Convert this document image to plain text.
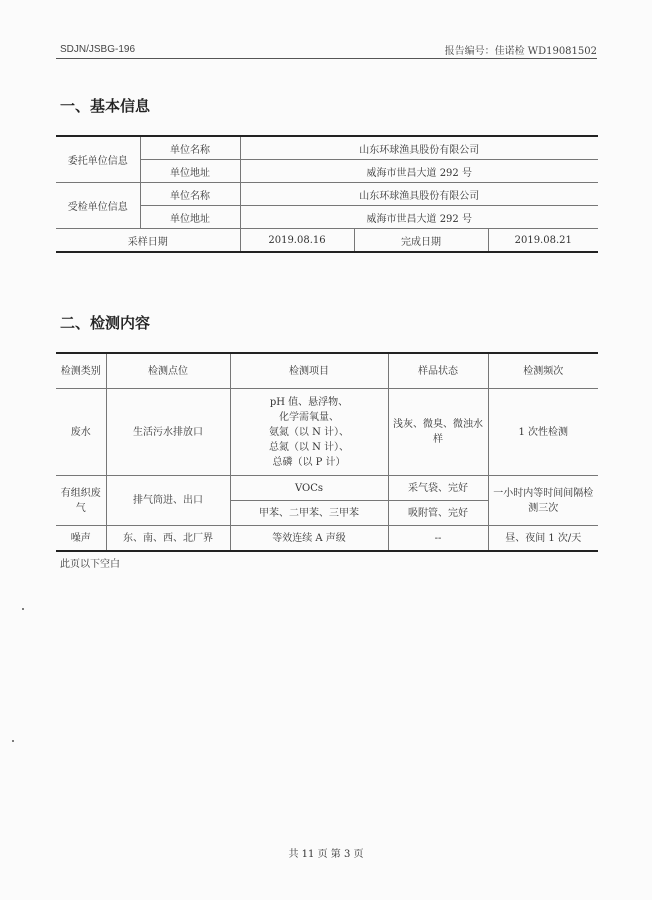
SDJN/JSBG-196	报告编号：佳诺检 WD19081502
一、基本信息
委托单位信息	单位名称	山东环球渔具股份有限公司		
	单位地址	威海市世昌大道 292 号		
受检单位信息	单位名称	山东环球渔具股份有限公司		
	单位地址	威海市世昌大道 292 号		
采样日期		2019.08.16	完成日期	2019.08.21
二、检测内容
检测类别	检测点位	检测项目	样品状态	检测频次
废水	生活污水排放口	pH 值、悬浮物、
化学需氧量、
氨氮（以 N 计）、
总氮（以 N 计）、
总磷（以 P 计）	浅灰、微臭、微浊水样	1 次性检测
有组织废气	排气筒进、出口	VOCs	采气袋、完好	一小时内等时间间隔检测三次
		甲苯、二甲苯、三甲苯	吸附管、完好	
噪声	东、南、西、北厂界	等效连续 A 声级	--	昼、夜间 1 次/天
此页以下空白
共 11 页 第 3 页
